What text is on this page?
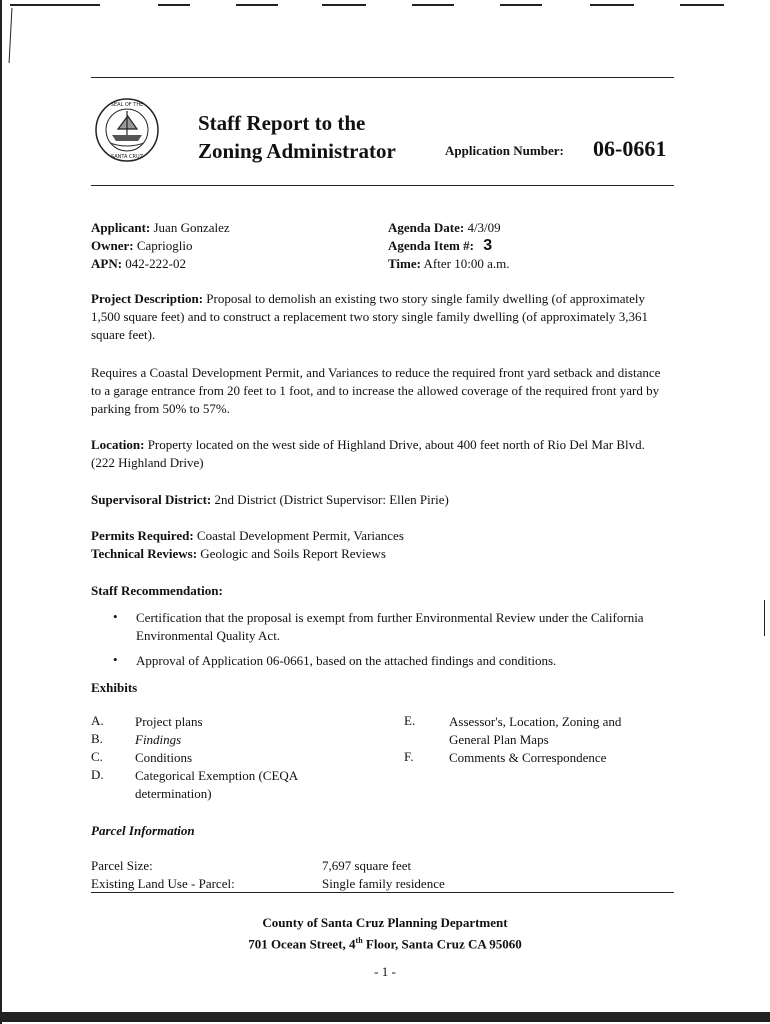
SEAL OF THE
SANTA CRUZ
Staff Report to the
Zoning Administrator	Application Number: 06-0661
Applicant: Juan Gonzalez
Owner: Caprioglio
APN: 042-222-02
Agenda Date: 4/3/09
Agenda Item #: 3
Time: After 10:00 a.m.
Project Description: Proposal to demolish an existing two story single family dwelling (of approximately 1,500 square feet) and to construct a replacement two story single family dwelling (of approximately 3,361 square feet).
Requires a Coastal Development Permit, and Variances to reduce the required front yard setback and distance to a garage entrance from 20 feet to 1 foot, and to increase the allowed coverage of the required front yard by parking from 50% to 57%.
Location: Property located on the west side of Highland Drive, about 400 feet north of Rio Del Mar Blvd. (222 Highland Drive)
Supervisoral District: 2nd District (District Supervisor: Ellen Pirie)
Permits Required: Coastal Development Permit, Variances
Technical Reviews: Geologic and Soils Report Reviews
Staff Recommendation:
• Certification that the proposal is exempt from further Environmental Review under the California Environmental Quality Act.
• Approval of Application 06-0661, based on the attached findings and conditions.
Exhibits
A. Project plans
B. Findings
C. Conditions
D. Categorical Exemption (CEQA determination)
E.	Assessor's, Location, Zoning and General Plan Maps
F.	Comments & Correspondence
Parcel Information
Parcel Size:	7,697 square feet
Existing Land Use - Parcel:	Single family residence
County of Santa Cruz Planning Department
701 Ocean Street, 4th Floor, Santa Cruz CA 95060
- 1 -
